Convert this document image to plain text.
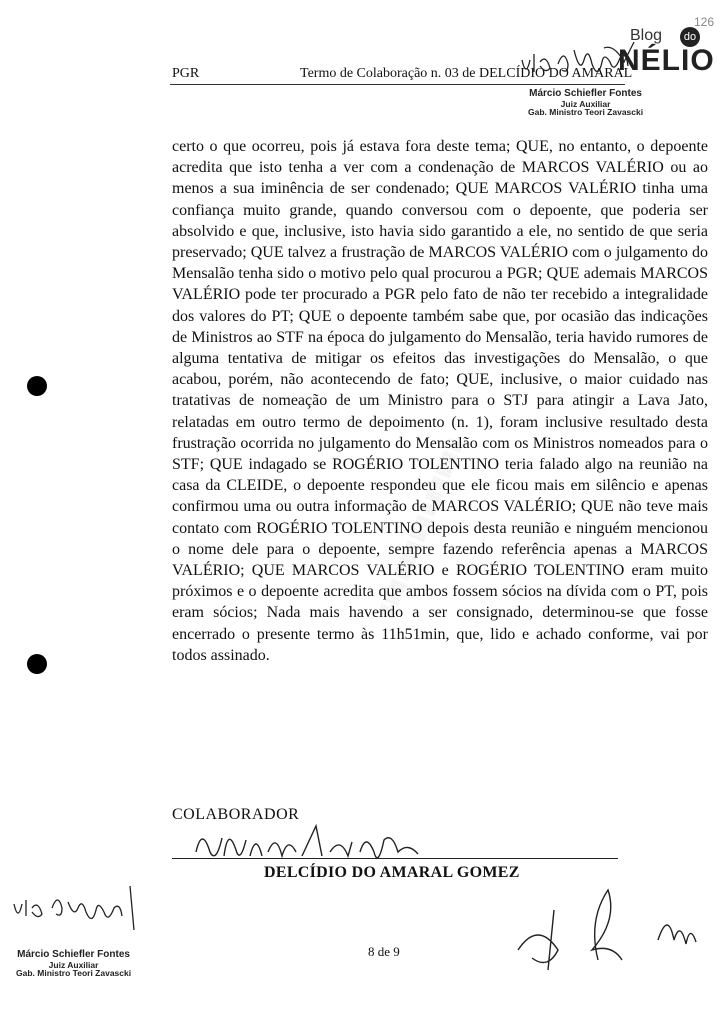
126
Blog	do
NÉLIO
PGR	Termo de Colaboração n. 03 de DELCÍDIO DO AMARAL
Márcio Schiefler Fontes
Juiz Auxiliar
Gab. Ministro Teori Zavascki
▒ ▒ ▒ ▒ ▒ ▒ ▒ ▒ ▒ ▒ ▒ ▒ ▒ ▒

certo o que ocorreu, pois já estava fora deste tema; QUE, no entanto, o depoente acredita que isto tenha a ver com a condenação de MARCOS VALÉRIO ou ao menos a sua iminência de ser condenado; QUE MARCOS VALÉRIO tinha uma confiança muito grande, quando conversou com o depoente, que poderia ser absolvido e que, inclusive, isto havia sido garantido a ele, no sentido de que seria preservado; QUE talvez a frustração de MARCOS VALÉRIO com o julgamento do Mensalão tenha sido o motivo pelo qual procurou a PGR; QUE ademais MARCOS VALÉRIO pode ter procurado a PGR pelo fato de não ter recebido a integralidade dos valores do PT; QUE o depoente também sabe que, por ocasião das indicações de Ministros ao STF na época do julgamento do Mensalão, teria havido rumores de alguma tentativa de mitigar os efeitos das investigações do Mensalão, o que acabou, porém, não acontecendo de fato; QUE, inclusive, o maior cuidado nas tratativas de nomeação de um Ministro para o STJ para atingir a Lava Jato, relatadas em outro termo de depoimento (n. 1), foram inclusive resultado desta frustração ocorrida no julgamento do Mensalão com os Ministros nomeados para o STF; QUE indagado se ROGÉRIO TOLENTINO teria falado algo na reunião na casa da CLEIDE, o depoente respondeu que ele ficou mais em silêncio e apenas confirmou uma ou outra informação de MARCOS VALÉRIO; QUE não teve mais contato com ROGÉRIO TOLENTINO depois desta reunião e ninguém mencionou o nome dele para o depoente, sempre fazendo referência apenas a MARCOS VALÉRIO; QUE MARCOS VALÉRIO e ROGÉRIO TOLENTINO eram muito próximos e o depoente acredita que ambos fossem sócios na dívida com o PT, pois eram sócios; Nada mais havendo a ser consignado, determinou-se que fosse encerrado o presente termo às 11h51min, que, lido e achado conforme, vai por todos assinado.

COLABORADOR
DELCÍDIO DO AMARAL GOMEZ
Márcio Schiefler Fontes
Juiz Auxiliar
Gab. Ministro Teori Zavascki
8 de 9
